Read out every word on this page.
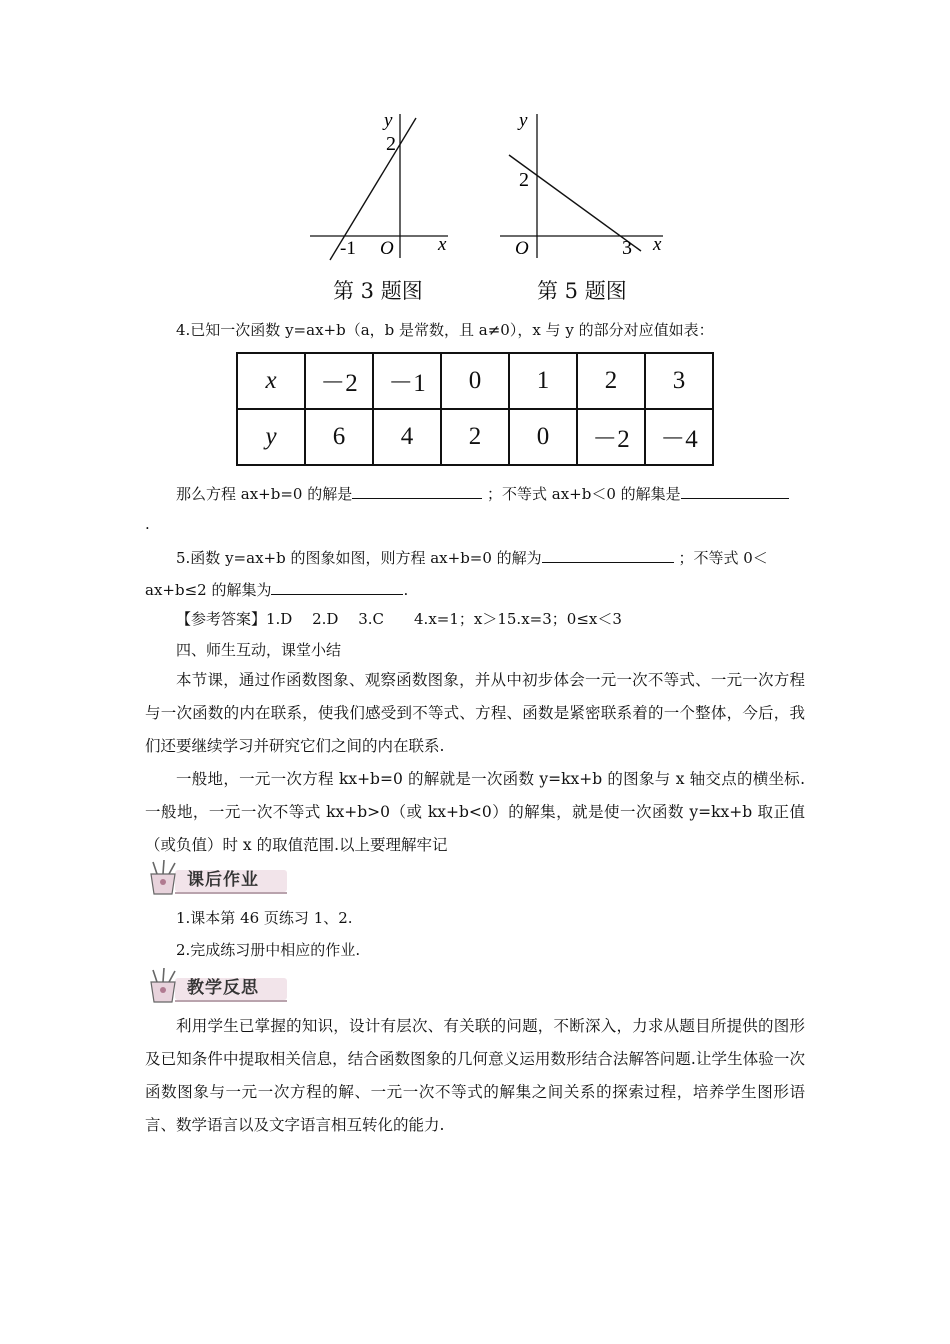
y
x
O
2
-1
第 3 题图
y
x
O
2
3
第 5 题图
4.已知一次函数 y=ax+b（a，b 是常数，且 a≠0），x 与 y 的部分对应值如表：
x	－2	－1	0	1	2	3
y	6	4	2	0	－2	－4
那么方程 ax+b=0 的解是	；不等式 ax+b＜0 的解集是
.
5.函数 y=ax+b 的图象如图，则方程 ax+b=0 的解为	；不等式 0＜
ax+b≤2 的解集为	.
【参考答案】1.D　 2.D　 3.C　　4.x=1；x＞15.x=3；0≤x＜3
四、师生互动，课堂小结
本节课，通过作函数图象、观察函数图象，并从中初步体会一元一次不等式、一元一次方程与一次函数的内在联系，使我们感受到不等式、方程、函数是紧密联系着的一个整体，今后，我们还要继续学习并研究它们之间的内在联系.
一般地，一元一次方程 kx+b=0 的解就是一次函数 y=kx+b 的图象与 x 轴交点的横坐标.一般地，一元一次不等式 kx+b>0（或 kx+b<0）的解集，就是使一次函数 y=kx+b 取正值（或负值）时 x 的取值范围.以上要理解牢记
课后作业
1.课本第 46 页练习 1、2.
2.完成练习册中相应的作业.
教学反思
利用学生已掌握的知识，设计有层次、有关联的问题，不断深入，力求从题目所提供的图形及已知条件中提取相关信息，结合函数图象的几何意义运用数形结合法解答问题.让学生体验一次函数图象与一元一次方程的解、一元一次不等式的解集之间关系的探索过程，培养学生图形语言、数学语言以及文字语言相互转化的能力.
